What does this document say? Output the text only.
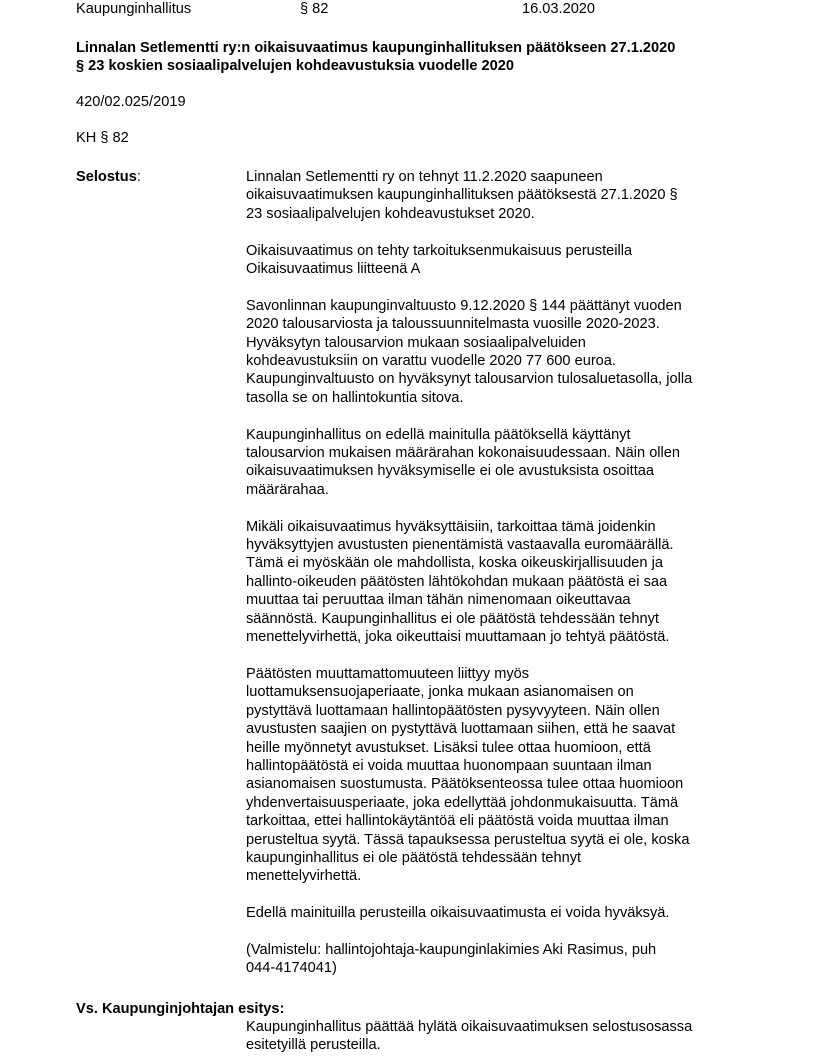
Kaupunginhallitus	§ 82	16.03.2020
Linnalan Setlementti ry:n oikaisuvaatimus kaupunginhallituksen päätökseen 27.1.2020
§ 23 koskien sosiaalipalvelujen kohdeavustuksia vuodelle 2020
420/02.025/2019
KH § 82
Selostus:	Linnalan Setlementti ry on tehnyt 11.2.2020 saapuneen
oikaisuvaatimuksen kaupunginhallituksen päätöksestä 27.1.2020 §
23 sosiaalipalvelujen kohdeavustukset 2020.
Oikaisuvaatimus on tehty tarkoituksenmukaisuus perusteilla
Oikaisuvaatimus liitteenä A
Savonlinnan kaupunginvaltuusto 9.12.2020 § 144 päättänyt vuoden
2020 talousarviosta ja taloussuunnitelmasta vuosille 2020-2023.
Hyväksytyn talousarvion mukaan sosiaalipalveluiden
kohdeavustuksiin on varattu vuodelle 2020 77 600 euroa.
Kaupunginvaltuusto on hyväksynyt talousarvion tulosaluetasolla, jolla
tasolla se on hallintokuntia sitova.
Kaupunginhallitus on edellä mainitulla päätöksellä käyttänyt
talousarvion mukaisen määrärahan kokonaisuudessaan. Näin ollen
oikaisuvaatimuksen hyväksymiselle ei ole avustuksista osoittaa
määrärahaa.
Mikäli oikaisuvaatimus hyväksyttäisiin, tarkoittaa tämä joidenkin
hyväksyttyjen avustusten pienentämistä vastaavalla euromäärällä.
Tämä ei myöskään ole mahdollista, koska oikeuskirjallisuuden ja
hallinto-oikeuden päätösten lähtökohdan mukaan päätöstä ei saa
muuttaa tai peruuttaa ilman tähän nimenomaan oikeuttavaa
säännöstä. Kaupunginhallitus ei ole päätöstä tehdessään tehnyt
menettelyvirhettä, joka oikeuttaisi muuttamaan jo tehtyä päätöstä.
Päätösten muuttamattomuuteen liittyy myös
luottamuksensuojaperiaate, jonka mukaan asianomaisen on
pystyttävä luottamaan hallintopäätösten pysyvyyteen. Näin ollen
avustusten saajien on pystyttävä luottamaan siihen, että he saavat
heille myönnetyt avustukset. Lisäksi tulee ottaa huomioon, että
hallintopäätöstä ei voida muuttaa huonompaan suuntaan ilman
asianomaisen suostumusta. Päätöksenteossa tulee ottaa huomioon
yhdenvertaisuusperiaate, joka edellyttää johdonmukaisuutta. Tämä
tarkoittaa, ettei hallintokäytäntöä eli päätöstä voida muuttaa ilman
perusteltua syytä. Tässä tapauksessa perusteltua syytä ei ole, koska
kaupunginhallitus ei ole päätöstä tehdessään tehnyt
menettelyvirhettä.
Edellä mainituilla perusteilla oikaisuvaatimusta ei voida hyväksyä.
(Valmistelu: hallintojohtaja-kaupunginlakimies Aki Rasimus, puh
044-4174041)
Vs. Kaupunginjohtajan esitys:
Kaupunginhallitus päättää hylätä oikaisuvaatimuksen selostusosassa
esitetyillä perusteilla.
